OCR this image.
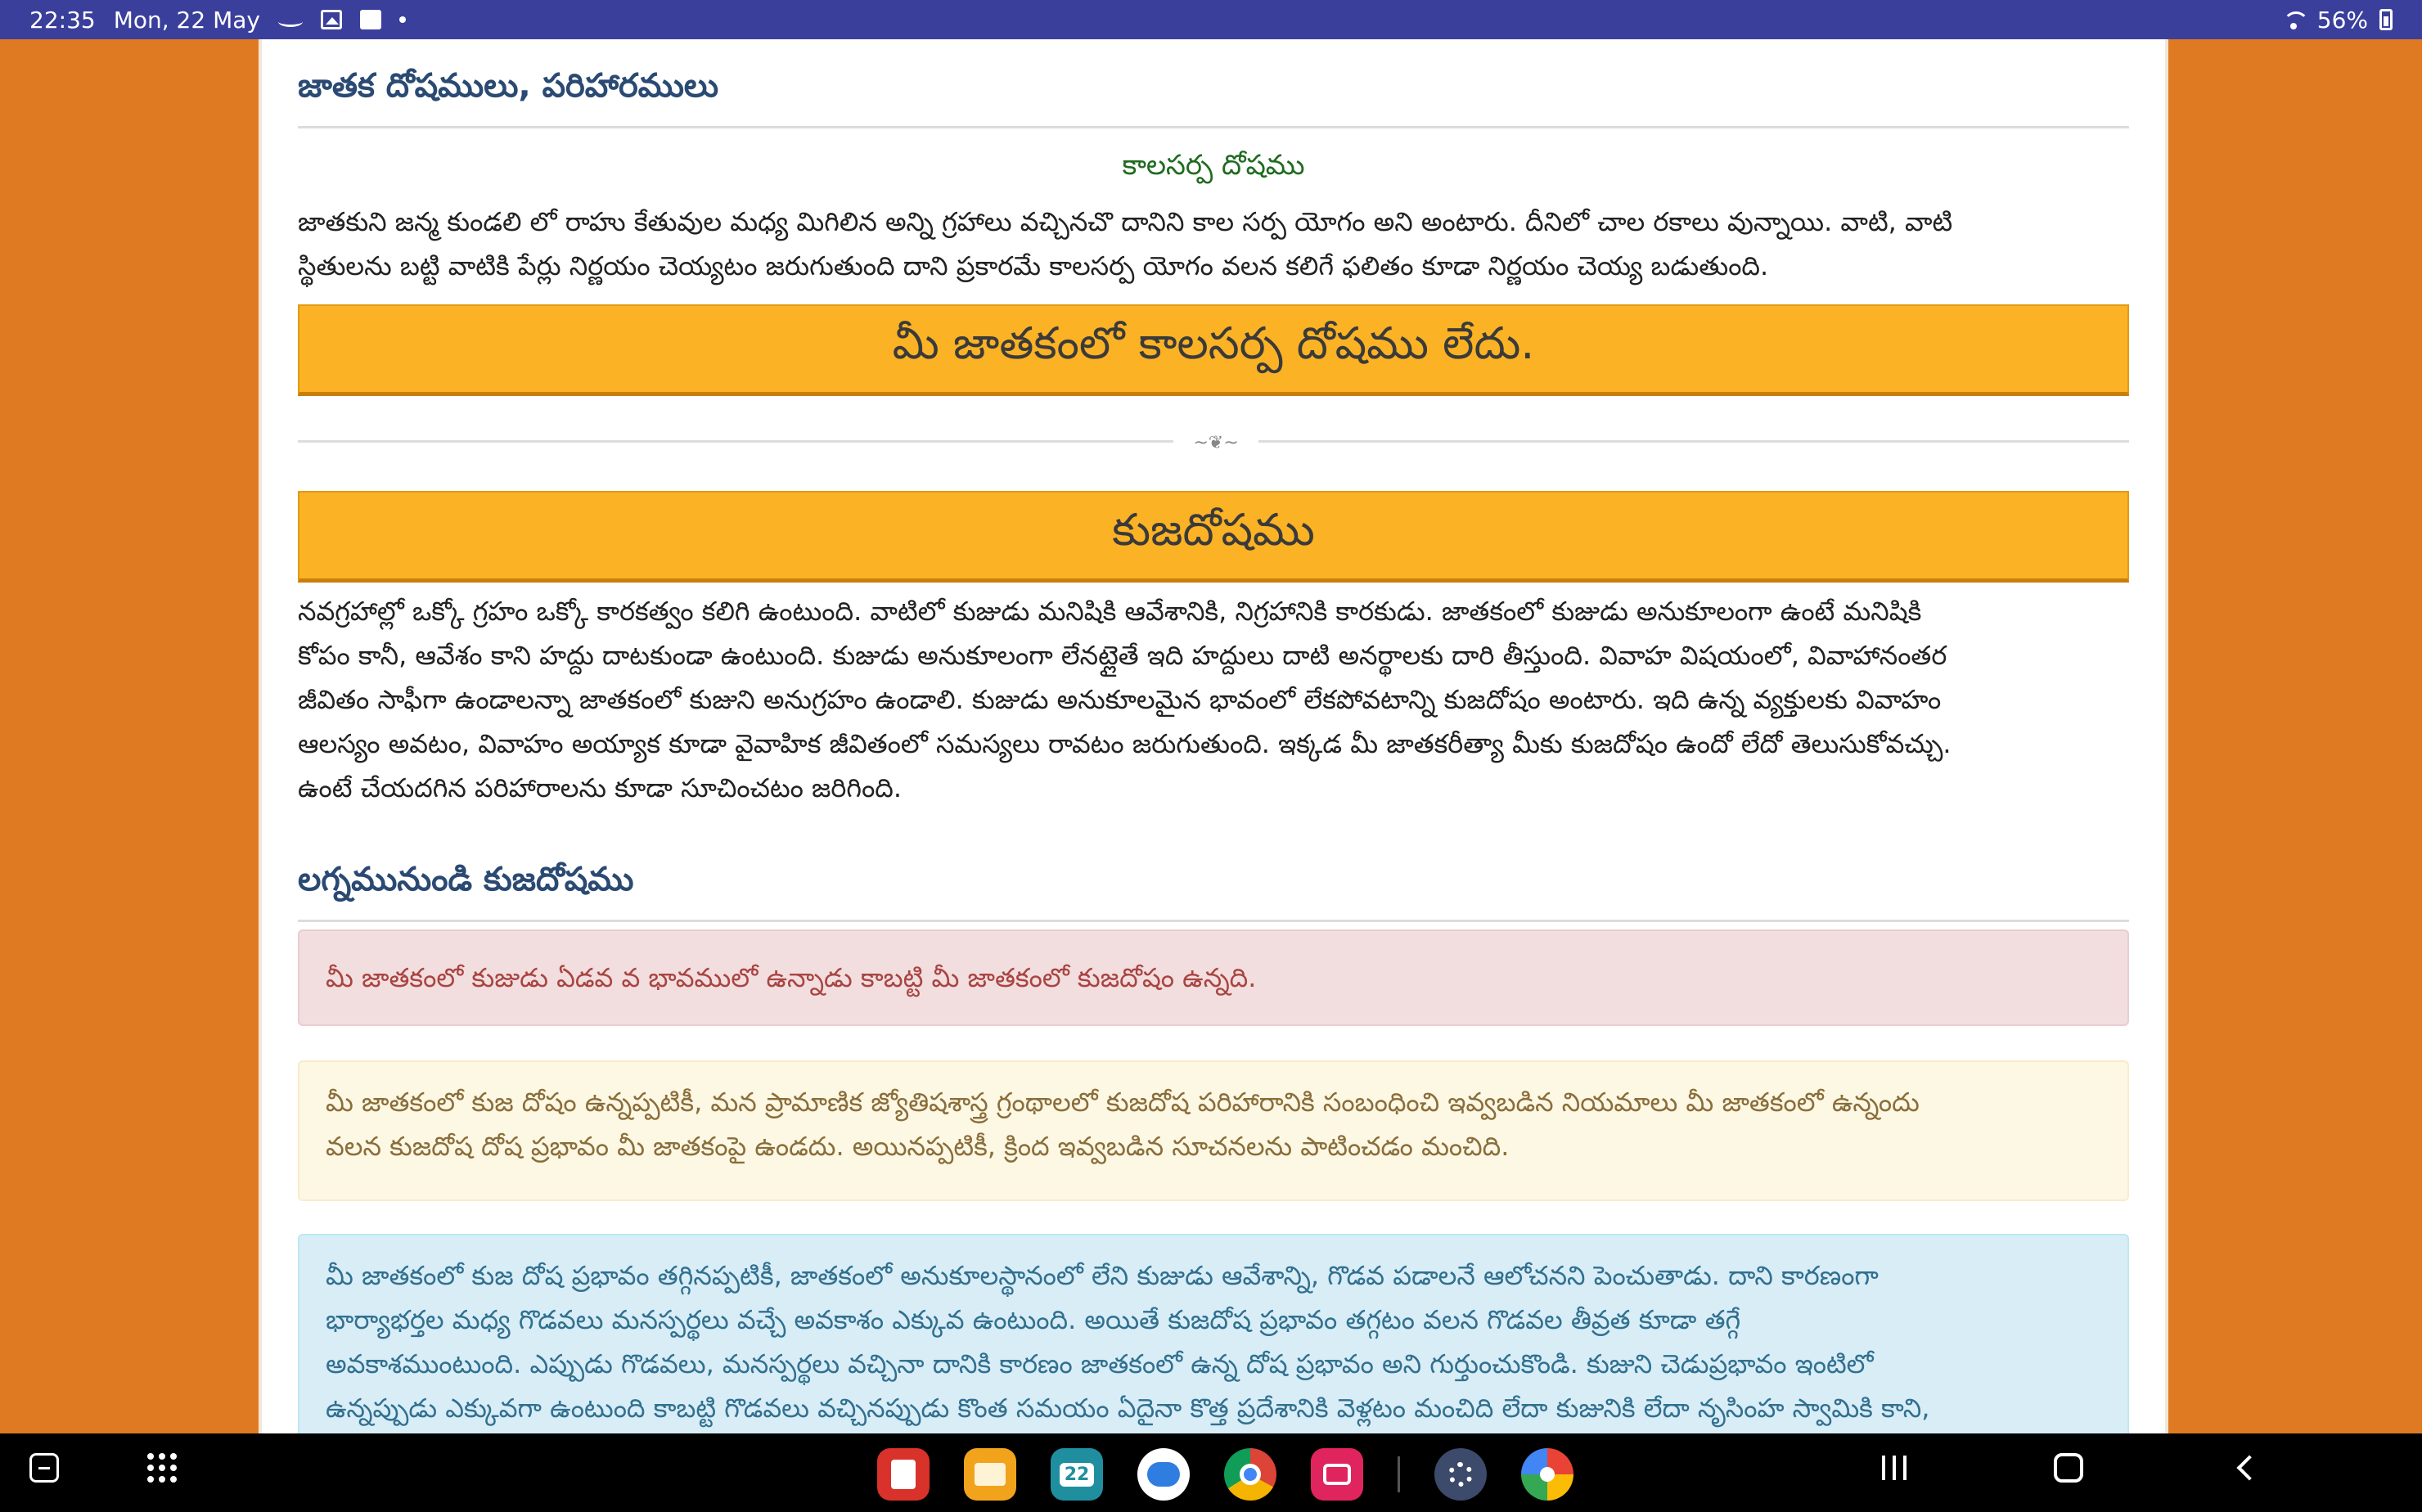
22:35 Mon, 22 May	56%
జాతక దోషములు, పరిహారములు
కాలసర్ప దోషము
జాతకుని జన్మ కుండలి లో రాహు కేతువుల మధ్య మిగిలిన అన్ని గ్రహాలు వచ్చినచొ దానిని కాల సర్ప యోగం అని అంటారు. దీనిలో చాల రకాలు వున్నాయి. వాటి, వాటి
స్థితులను బట్టి వాటికి పేర్లు నిర్ణయం చెయ్యటం జరుగుతుంది దాని ప్రకారమే కాలసర్ప యోగం వలన కలిగే ఫలితం కూడా నిర్ణయం చెయ్య బడుతుంది.
మీ జాతకంలో కాలసర్ప దోషము లేదు.
~❦~
కుజదోషము
నవగ్రహాల్లో ఒక్కో గ్రహం ఒక్కో కారకత్వం కలిగి ఉంటుంది. వాటిలో కుజుడు మనిషికి ఆవేశానికి, నిగ్రహానికి కారకుడు. జాతకంలో కుజుడు అనుకూలంగా ఉంటే మనిషికి
కోపం కానీ, ఆవేశం కాని హద్దు దాటకుండా ఉంటుంది. కుజుడు అనుకూలంగా లేనట్లైతే ఇది హద్దులు దాటి అనర్థాలకు దారి తీస్తుంది. వివాహ విషయంలో, వివాహానంతర
జీవితం సాఫీగా ఉండాలన్నా జాతకంలో కుజుని అనుగ్రహం ఉండాలి. కుజుడు అనుకూలమైన భావంలో లేకపోవటాన్ని కుజదోషం అంటారు. ఇది ఉన్న వ్యక్తులకు వివాహం
ఆలస్యం అవటం, వివాహం అయ్యాక కూడా వైవాహిక జీవితంలో సమస్యలు రావటం జరుగుతుంది. ఇక్కడ మీ జాతకరీత్యా మీకు కుజదోషం ఉందో లేదో తెలుసుకోవచ్చు.
ఉంటే చేయదగిన పరిహారాలను కూడా సూచించటం జరిగింది.
లగ్నమునుండి కుజదోషము
మీ జాతకంలో కుజుడు ఏడవ వ భావములో ఉన్నాడు కాబట్టి మీ జాతకంలో కుజదోషం ఉన్నది.
మీ జాతకంలో కుజ దోషం ఉన్నప్పటికీ, మన ప్రామాణిక జ్యోతిషశాస్త్ర గ్రంథాలలో కుజదోష పరిహారానికి సంబంధించి ఇవ్వబడిన నియమాలు మీ జాతకంలో ఉన్నందు
వలన కుజదోష దోష ప్రభావం మీ జాతకంపై ఉండదు. అయినప్పటికీ, క్రింద ఇవ్వబడిన సూచనలను పాటించడం మంచిది.
మీ జాతకంలో కుజ దోష ప్రభావం తగ్గినప్పటికీ, జాతకంలో అనుకూలస్థానంలో లేని కుజుడు ఆవేశాన్ని, గొడవ పడాలనే ఆలోచనని పెంచుతాడు. దాని కారణంగా
భార్యాభర్తల మధ్య గొడవలు మనస్పర్థలు వచ్చే అవకాశం ఎక్కువ ఉంటుంది. అయితే కుజదోష ప్రభావం తగ్గటం వలన గొడవల తీవ్రత కూడా తగ్గే
అవకాశముంటుంది. ఎప్పుడు గొడవలు, మనస్పర్థలు వచ్చినా దానికి కారణం జాతకంలో ఉన్న దోష ప్రభావం అని గుర్తుంచుకొండి. కుజుని చెడుప్రభావం ఇంటిలో
ఉన్నప్పుడు ఎక్కువగా ఉంటుంది కాబట్టి గొడవలు వచ్చినప్పుడు కొంత సమయం ఏదైనా కొత్త ప్రదేశానికి వెళ్లటం మంచిది లేదా కుజునికి లేదా నృసింహ స్వామికి కాని,
22
